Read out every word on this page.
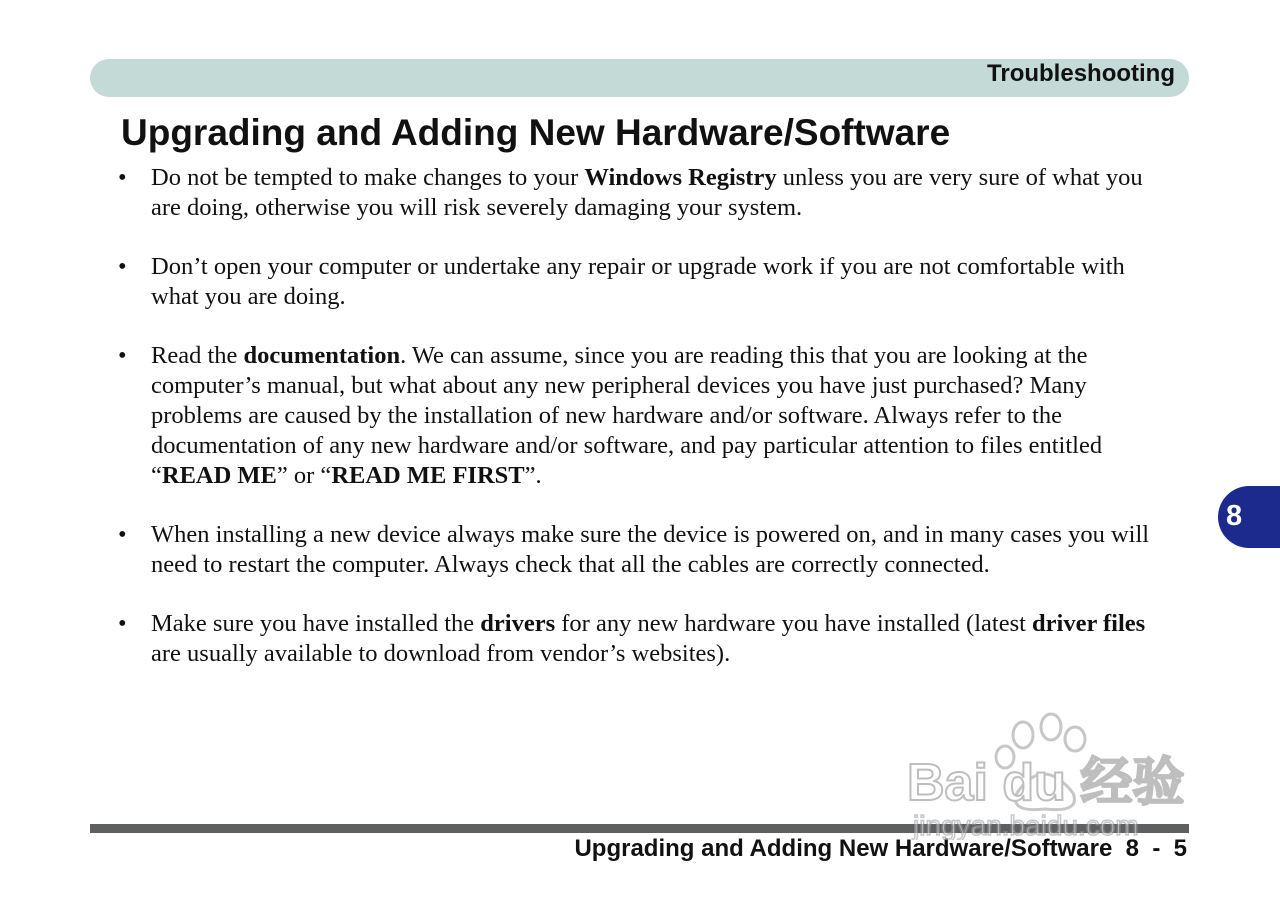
Troubleshooting
Upgrading and Adding New Hardware/Software
• Do not be tempted to make changes to your Windows Registry unless you are very sure of what you are doing, otherwise you will risk severely damaging your system.
• Don’t open your computer or undertake any repair or upgrade work if you are not comfortable with what you are doing.
• Read the documentation. We can assume, since you are reading this that you are looking at the computer’s manual, but what about any new peripheral devices you have just purchased? Many problems are caused by the installation of new hardware and/or software. Always refer to the documentation of any new hardware and/or software, and pay particular attention to files entitled “READ ME” or “READ ME FIRST”.
• When installing a new device always make sure the device is powered on, and in many cases you will need to restart the computer. Always check that all the cables are correctly connected.
• Make sure you have installed the drivers for any new hardware you have installed (latest driver files are usually available to download from vendor’s websites).
8
Upgrading and Adding New Hardware/Software 8  -  5
Bai du 经验
jingyan.baidu.com
